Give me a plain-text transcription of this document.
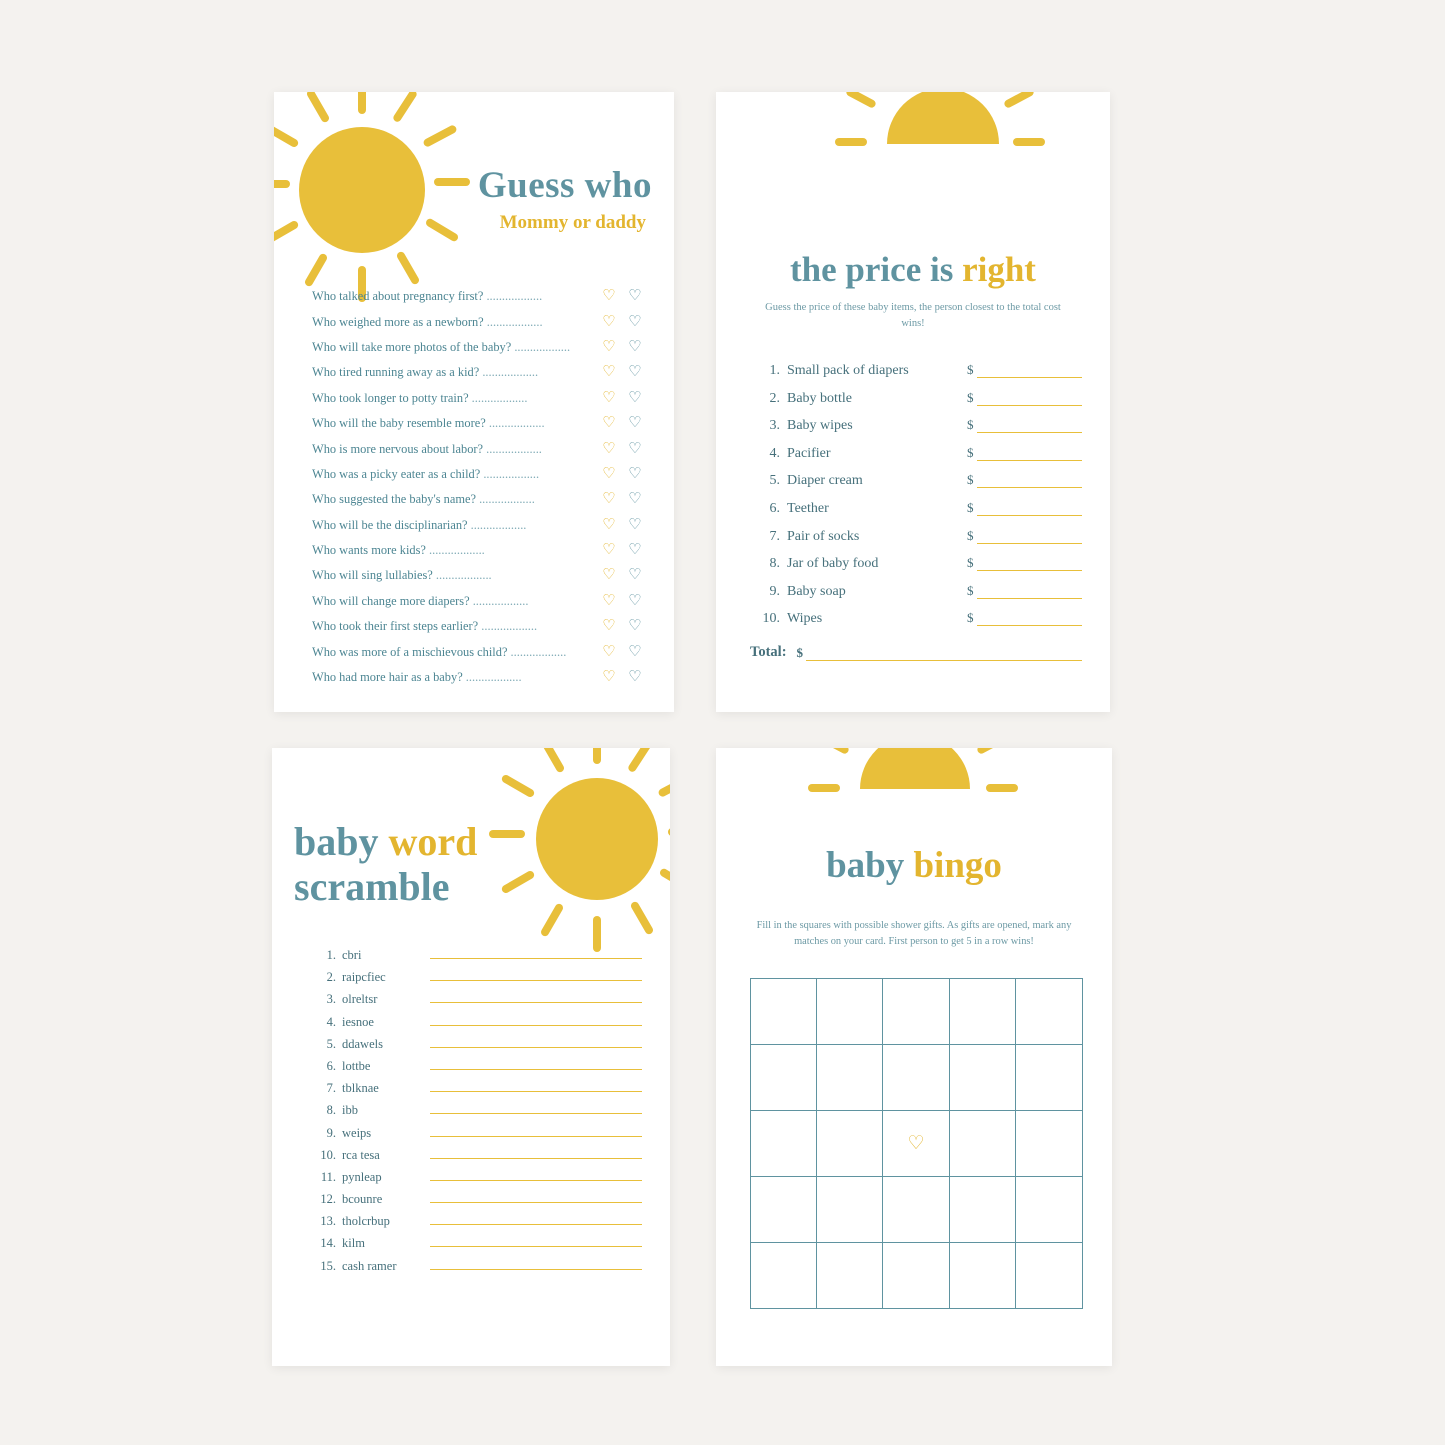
Guess who
Mommy or daddy
Who talked about pregnancy first? ..................	♡ ♡
Who weighed more as a newborn? ..................	♡ ♡
Who will take more photos of the baby? ..................	♡ ♡
Who tired running away as a kid? ..................	♡ ♡
Who took longer to potty train? ..................	♡ ♡
Who will the baby resemble more? ..................	♡ ♡
Who is more nervous about labor? ..................	♡ ♡
Who was a picky eater as a child? ..................	♡ ♡
Who suggested the baby's name? ..................	♡ ♡
Who will be the disciplinarian? ..................	♡ ♡
Who wants more kids? ..................	♡ ♡
Who will sing lullabies? ..................	♡ ♡
Who will change more diapers? ..................	♡ ♡
Who took their first steps earlier? ..................	♡ ♡
Who was more of a mischievous child? ..................	♡ ♡
Who had more hair as a baby? ..................	♡ ♡
the price is right
Guess the price of these baby items, the person closest to the total cost wins!
1. Small pack of diapers	$
2. Baby bottle	$
3. Baby wipes	$
4. Pacifier	$
5. Diaper cream	$
6. Teether	$
7. Pair of socks	$
8. Jar of baby food	$
9. Baby soap	$
10. Wipes	$
Total: $
baby word
scramble
1. cbri
2. raipcfiec
3. olreltsr
4. iesnoe
5. ddawels
6. lottbe
7. tblknae
8. ibb
9. weips
10. rca tesa
11. pynleap
12. bcounre
13. tholcrbup
14. kilm
15. cash ramer
baby bingo
Fill in the squares with possible shower gifts. As gifts are opened, mark any matches on your card. First person to get 5 in a row wins!
♡
